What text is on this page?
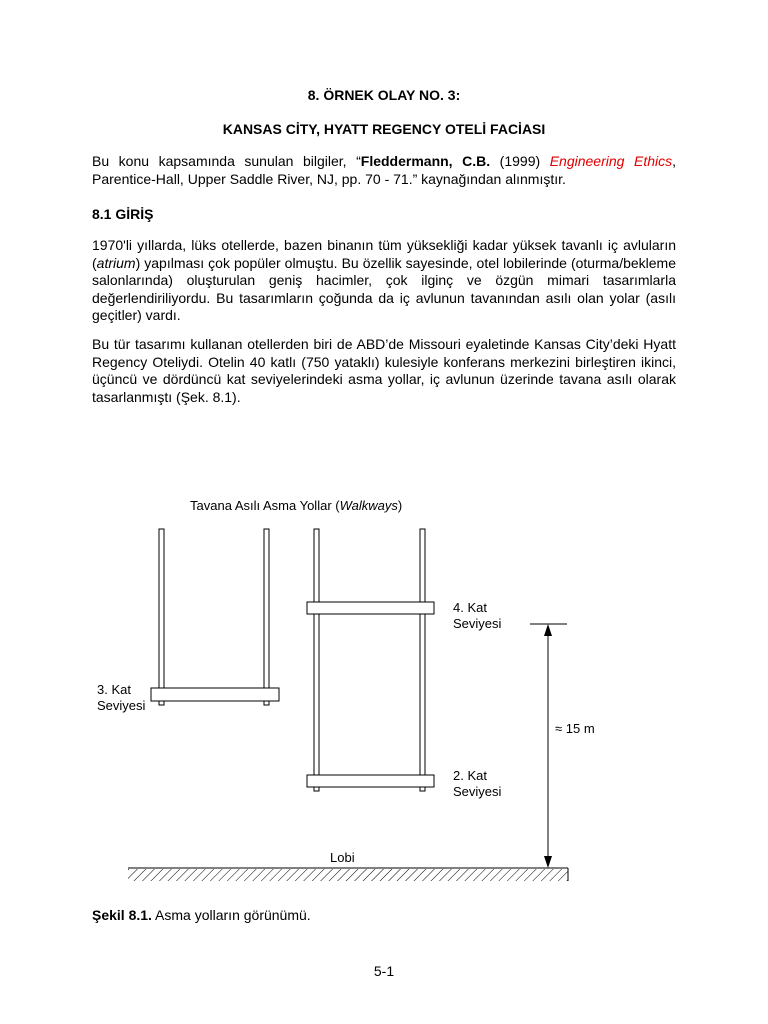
8. ÖRNEK OLAY NO. 3:
KANSAS CİTY, HYATT REGENCY OTELİ FACİASI

Bu konu kapsamında sunulan bilgiler, “Fleddermann, C.B. (1999) Engineering Ethics, Parentice-Hall, Upper Saddle River, NJ, pp. 70 - 71.” kaynağından alınmıştır.

8.1 GİRİŞ

1970'li yıllarda, lüks otellerde, bazen binanın tüm yüksekliği kadar yüksek tavanlı iç avluların (atrium) yapılması çok popüler olmuştu. Bu özellik sayesinde, otel lobilerinde (oturma/bekleme salonlarında) oluşturulan geniş hacimler, çok ilginç ve özgün mimari tasarımlarla değerlendiriliyordu. Bu tasarımların çoğunda da iç avlunun tavanından asılı olan yolar (asılı geçitler) vardı.

Bu tür tasarımı kullanan otellerden biri de ABD’de Missouri eyaletinde Kansas City’deki Hyatt Regency Oteliydi. Otelin 40 katlı (750 yataklı) kulesiyle konferans merkezini birleştiren ikinci, üçüncü ve dördüncü kat seviyelerindeki asma yollar, iç avlunun üzerinde tavana asılı olarak tasarlanmıştı (Şek. 8.1).

Tavana Asılı Asma Yollar (Walkways)
4. Kat
Seviyesi
3. Kat
Seviyesi
2. Kat
Seviyesi
≈ 15 m
Lobi
Şekil 8.1. Asma yolların görünümü.
5-1
